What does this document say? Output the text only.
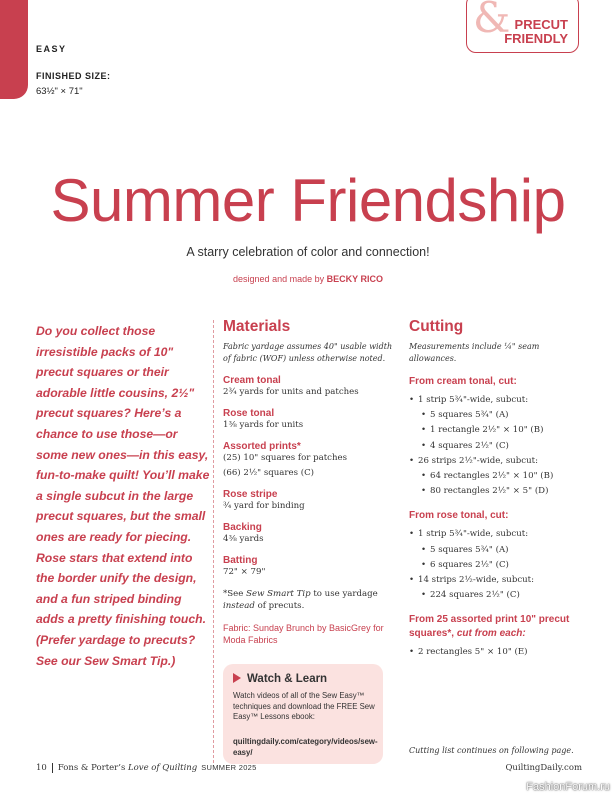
EASY
FINISHED SIZE:
63½" × 71"
& PRECUT
FRIENDLY
Summer Friendship
A starry celebration of color and connection!
designed and made by BECKY RICO
Do you collect those irresistible packs of 10" precut squares or their adorable little cousins, 2½" precut squares? Here’s a chance to use those—or some new ones—in this easy, fun-to-make quilt! You’ll make a single subcut in the large precut squares, but the small ones are ready for piecing. Rose stars that extend into the border unify the design, and a fun striped binding adds a pretty finishing touch. (Prefer yardage to precuts? See our Sew Smart Tip.)
Materials
Fabric yardage assumes 40" usable width of fabric (WOF) unless otherwise noted.
Cream tonal
2¾ yards for units and patches
Rose tonal
1⅜ yards for units
Assorted prints*
(25) 10" squares for patches
(66) 2½" squares (C)
Rose stripe
¾ yard for binding
Backing
4⅜ yards
Batting
72" × 79"
*See Sew Smart Tip to use yardage instead of precuts.
Fabric: Sunday Brunch by BasicGrey for Moda Fabrics
Watch & Learn
Watch videos of all of the Sew Easy™ techniques and download the FREE Sew Easy™ Lessons ebook:
quiltingdaily.com/category/videos/sew-easy/
Cutting
Measurements include ¼" seam allowances.
From cream tonal, cut:
• 1 strip 5¾"-wide, subcut:
• 5 squares 5¾" (A)
• 1 rectangle 2½" × 10" (B)
• 4 squares 2½" (C)
• 26 strips 2½"-wide, subcut:
• 64 rectangles 2½" × 10" (B)
• 80 rectangles 2½" × 5" (D)
From rose tonal, cut:
• 1 strip 5¾"-wide, subcut:
• 5 squares 5¾" (A)
• 6 squares 2½" (C)
• 14 strips 2½-wide, subcut:
• 224 squares 2½" (C)
From 25 assorted print 10" precut squares*, cut from each:
• 2 rectangles 5" × 10" (E)
Cutting list continues on following page.
10 Fons & Porter’s Love of Quilting SUMMER 2025	QuiltingDaily.com
FashionForum.ru
